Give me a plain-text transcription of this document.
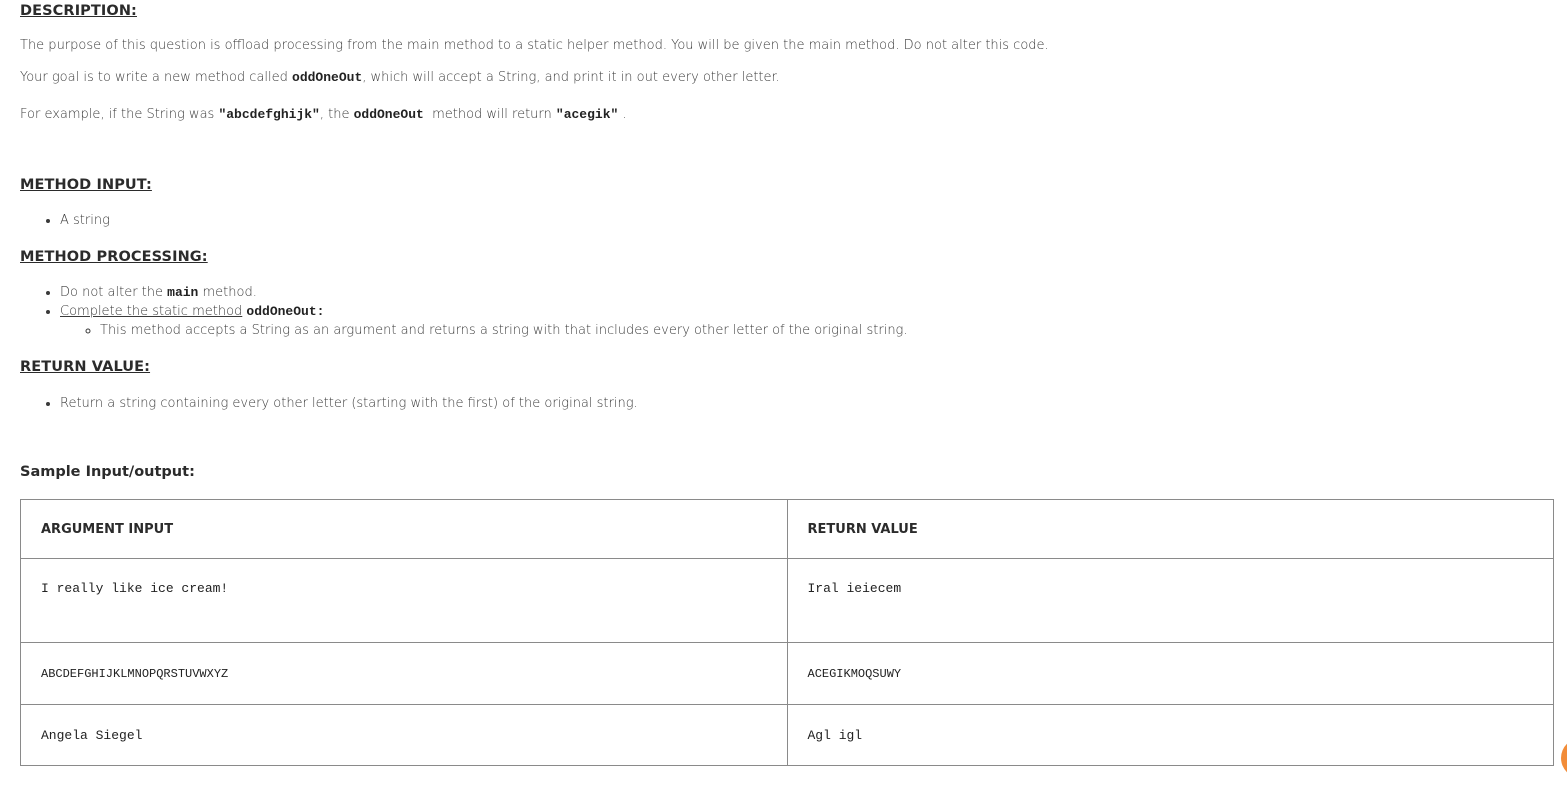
DESCRIPTION:

The purpose of this question is offload processing from the main method to a static helper method. You will be given the main method. Do not alter this code.

Your goal is to write a new method called oddOneOut, which will accept a String, and print it in out every other letter.

For example, if the String was "abcdefghijk", the oddOneOut  method will return "acegik" .

METHOD INPUT:
• A string
METHOD PROCESSING:
• Do not alter the main method.
• Complete the static method oddOneOut:
◦ This method accepts a String as an argument and returns a string with that includes every other letter of the original string.
RETURN VALUE:
• Return a string containing every other letter (starting with the first) of the original string.
Sample Input/output:
ARGUMENT INPUT	RETURN VALUE
I really like ice cream!	Iral ieiecem
ABCDEFGHIJKLMNOPQRSTUVWXYZ	ACEGIKMOQSUWY
Angela Siegel	Agl igl
